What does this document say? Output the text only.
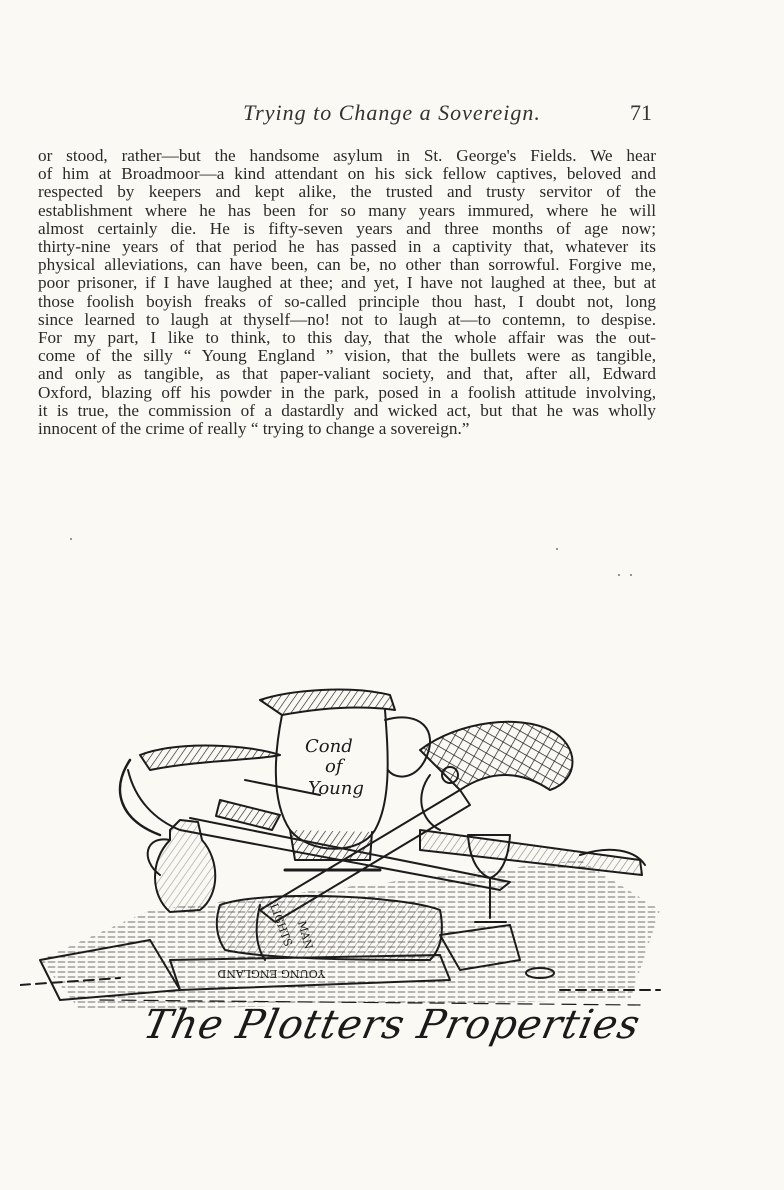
Trying to Change a Sovereign.	71
or stood, rather—but the handsome asylum in St. George's Fields. We hear
of him at Broadmoor—a kind attendant on his sick fellow captives, beloved and
respected by keepers and kept alike, the trusted and trusty servitor of the
establishment where he has been for so many years immured, where he will
almost certainly die. He is fifty-seven years and three months of age now;
thirty-nine years of that period he has passed in a captivity that, whatever its
physical alleviations, can have been, can be, no other than sorrowful. Forgive me,
poor prisoner, if I have laughed at thee; and yet, I have not laughed at thee, but at
those foolish boyish freaks of so-called principle thou hast, I doubt not, long
since learned to laugh at thyself—no! not to laugh at—to contemn, to despise.
For my part, I like to think, to this day, that the whole affair was the out-
come of the silly “ Young England ” vision, that the bullets were as tangible,
and only as tangible, as that paper-valiant society, and that, after all, Edward
Oxford, blazing off his powder in the park, posed in a foolish attitude involving,
it is true, the commission of a dastardly and wicked act, but that he was wholly
innocent of the crime of really “ trying to change a sovereign.”
Cond
of
Young
LIGHTS MAN
YOUNG ENGLAND
The Plotters Properties
